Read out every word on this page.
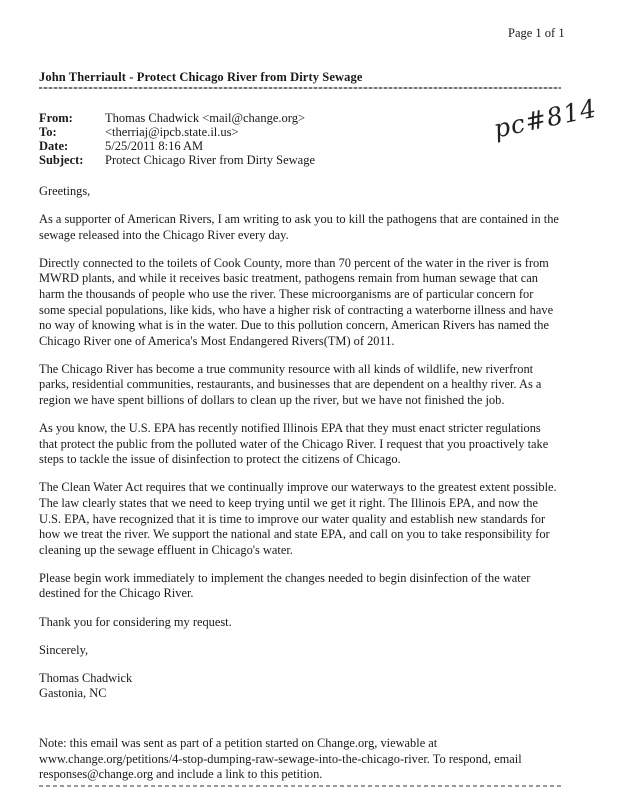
Page 1 of 1
John Therriault - Protect Chicago River from Dirty Sewage
From:	Thomas Chadwick <mail@change.org>
To:	<therriaj@ipcb.state.il.us>
Date:	5/25/2011 8:16 AM
Subject: Protect Chicago River from Dirty Sewage
pc#814

Greetings,

As a supporter of American Rivers, I am writing to ask you to kill the pathogens that are contained in the sewage released into the Chicago River every day.

Directly connected to the toilets of Cook County, more than 70 percent of the water in the river is from MWRD plants, and while it receives basic treatment, pathogens remain from human sewage that can harm the thousands of people who use the river. These microorganisms are of particular concern for some special populations, like kids, who have a higher risk of contracting a waterborne illness and have no way of knowing what is in the water. Due to this pollution concern, American Rivers has named the Chicago River one of America's Most Endangered Rivers(TM) of 2011.

The Chicago River has become a true community resource with all kinds of wildlife, new riverfront parks, residential communities, restaurants, and businesses that are dependent on a healthy river. As a region we have spent billions of dollars to clean up the river, but we have not finished the job.

As you know, the U.S. EPA has recently notified Illinois EPA that they must enact stricter regulations that protect the public from the polluted water of the Chicago River. I request that you proactively take steps to tackle the issue of disinfection to protect the citizens of Chicago.

The Clean Water Act requires that we continually improve our waterways to the greatest extent possible. The law clearly states that we need to keep trying until we get it right. The Illinois EPA, and now the U.S. EPA, have recognized that it is time to improve our water quality and establish new standards for how we treat the river. We support the national and state EPA, and call on you to take responsibility for cleaning up the sewage effluent in Chicago's water.

Please begin work immediately to implement the changes needed to begin disinfection of the water destined for the Chicago River.

Thank you for considering my request.

Sincerely,

Thomas Chadwick

Gastonia, NC

Note: this email was sent as part of a petition started on Change.org, viewable at www.change.org/petitions/4-stop-dumping-raw-sewage-into-the-chicago-river. To respond, email responses@change.org and include a link to this petition.
